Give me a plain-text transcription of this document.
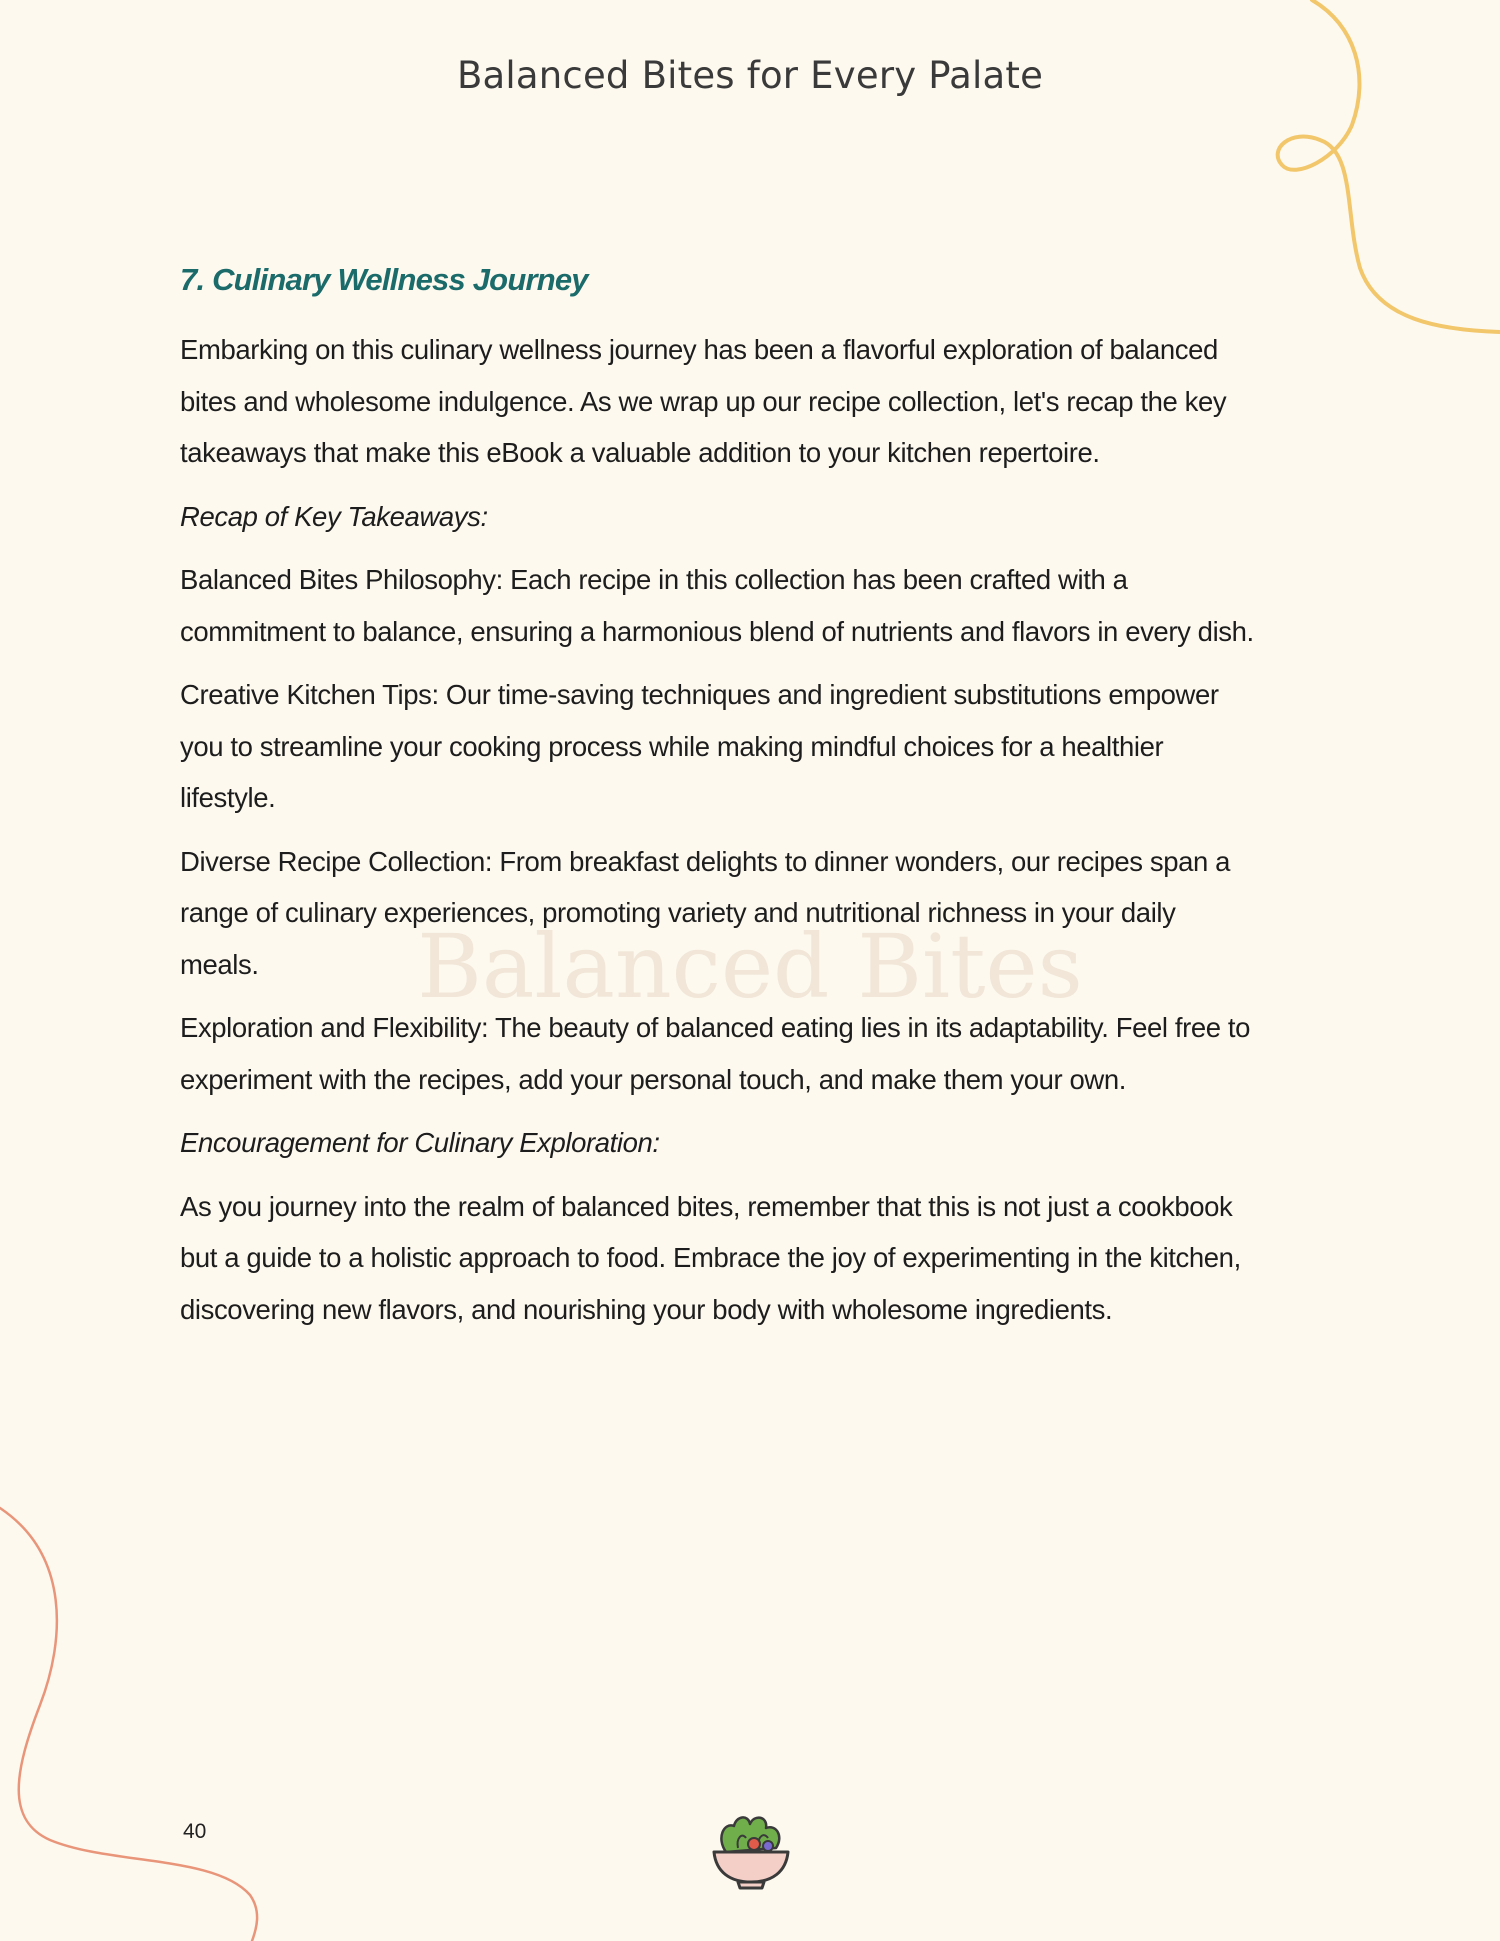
Balanced Bites for Every Palate
Balanced Bites
7. Culinary Wellness Journey

Embarking on this culinary wellness journey has been a flavorful exploration of balanced bites and wholesome indulgence. As we wrap up our recipe collection, let's recap the key takeaways that make this eBook a valuable addition to your kitchen repertoire.

Recap of Key Takeaways:

Balanced Bites Philosophy: Each recipe in this collection has been crafted with a commitment to balance, ensuring a harmonious blend of nutrients and flavors in every dish.

Creative Kitchen Tips: Our time-saving techniques and ingredient substitutions empower you to streamline your cooking process while making mindful choices for a healthier lifestyle.

Diverse Recipe Collection: From breakfast delights to dinner wonders, our recipes span a range of culinary experiences, promoting variety and nutritional richness in your daily meals.

Exploration and Flexibility: The beauty of balanced eating lies in its adaptability. Feel free to experiment with the recipes, add your personal touch, and make them your own.

Encouragement for Culinary Exploration:

As you journey into the realm of balanced bites, remember that this is not just a cookbook but a guide to a holistic approach to food. Embrace the joy of experimenting in the kitchen, discovering new flavors, and nourishing your body with wholesome ingredients.

40
